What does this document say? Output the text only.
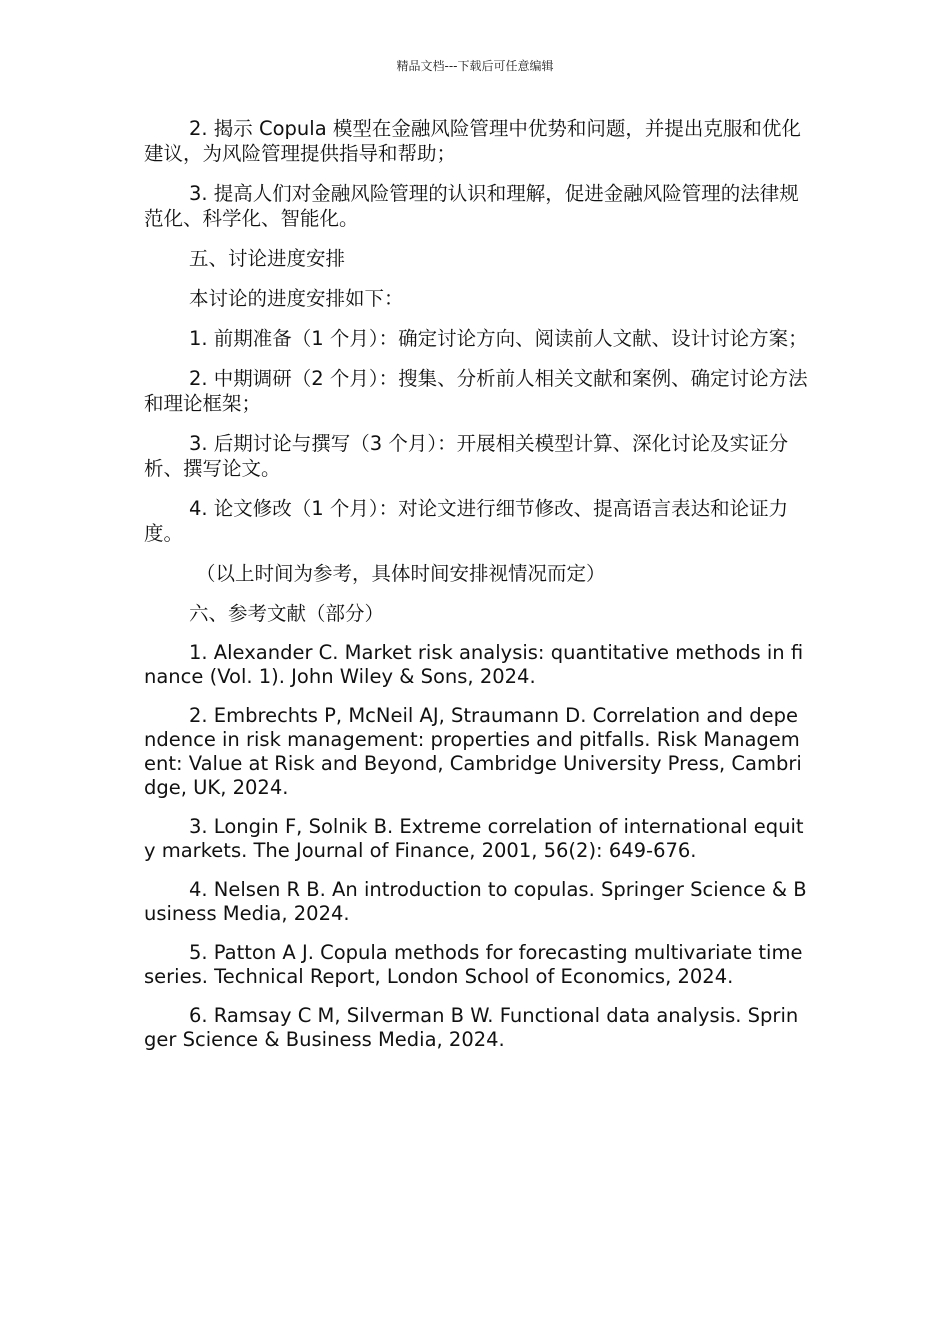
精品文档---下载后可任意编辑

2. 揭示 Copula 模型在金融风险管理中优势和问题，并提出克服和优化建议，为风险管理提供指导和帮助；

3. 提高人们对金融风险管理的认识和理解，促进金融风险管理的法律规范化、科学化、智能化。

五、讨论进度安排

本讨论的进度安排如下：

1. 前期准备（1 个月）：确定讨论方向、阅读前人文献、设计讨论方案；

2. 中期调研（2 个月）：搜集、分析前人相关文献和案例、确定讨论方法和理论框架；

3. 后期讨论与撰写（3 个月）：开展相关模型计算、深化讨论及实证分析、撰写论文。

4. 论文修改（1 个月）：对论文进行细节修改、提高语言表达和论证力度。

（以上时间为参考，具体时间安排视情况而定）

六、参考文献（部分）

1. Alexander C. Market risk analysis: quantitative methods in finance (Vol. 1). John Wiley & Sons, 2024.

2. Embrechts P, McNeil AJ, Straumann D. Correlation and dependence in risk management: properties and pitfalls. Risk Management: Value at Risk and Beyond, Cambridge University Press, Cambridge, UK, 2024.

3. Longin F, Solnik B. Extreme correlation of international equity markets. The Journal of Finance, 2001, 56(2): 649-676.

4. Nelsen R B. An introduction to copulas. Springer Science & Business Media, 2024.

5. Patton A J. Copula methods for forecasting multivariate time series. Technical Report, London School of Economics, 2024.

6. Ramsay C M, Silverman B W. Functional data analysis. Springer Science & Business Media, 2024.
